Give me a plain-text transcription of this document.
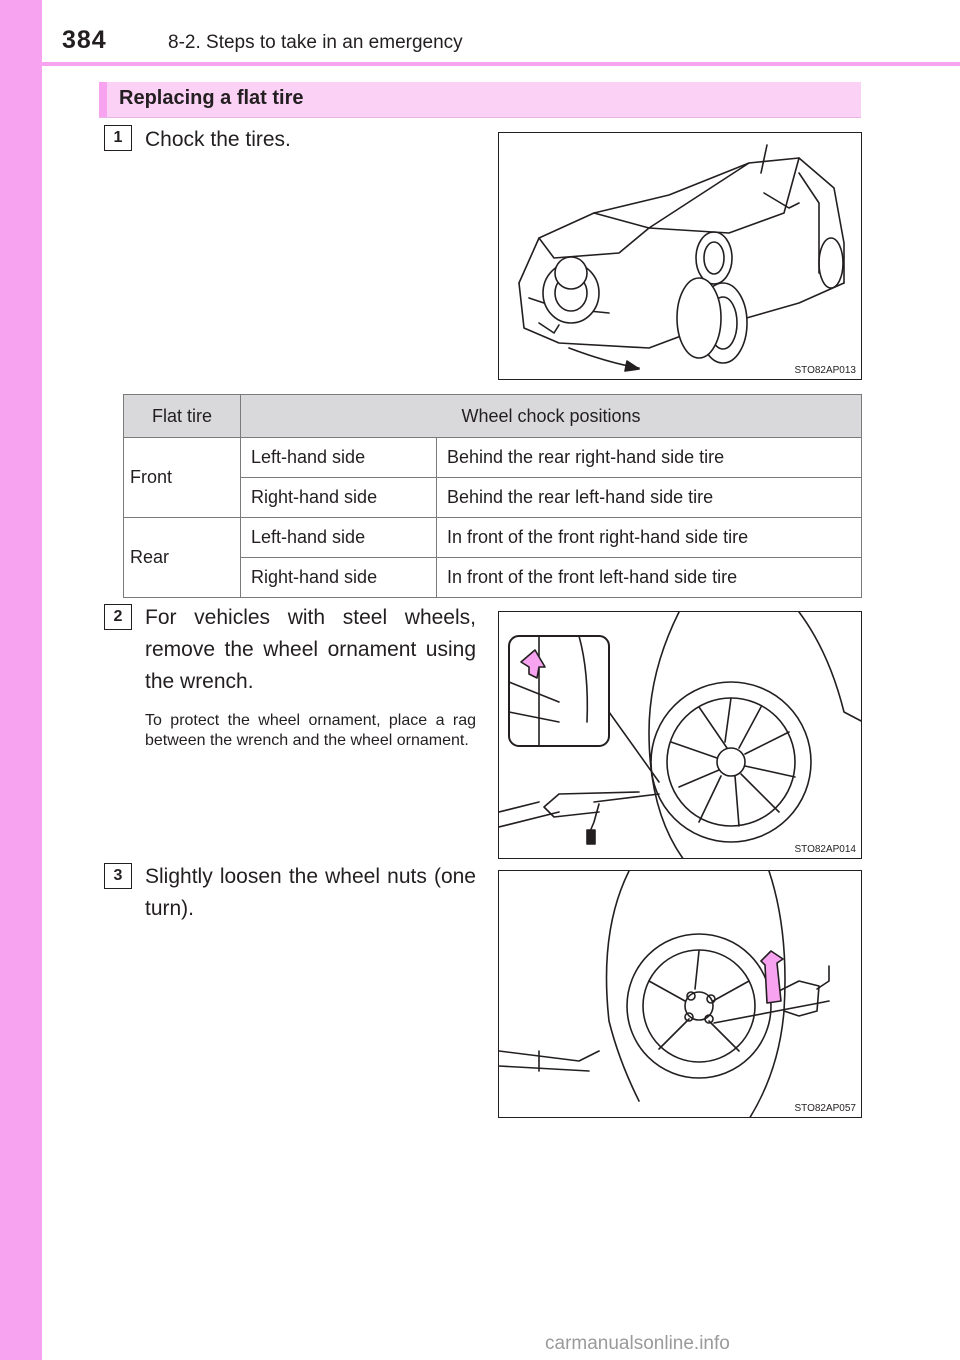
384	8-2. Steps to take in an emergency
Replacing a flat tire
1	Chock the tires.
STO82AP013
Flat tire	Wheel chock positions	
Front	Left-hand side	Behind the rear right-hand side tire
	Right-hand side	Behind the rear left-hand side tire
Rear	Left-hand side	In front of the front right-hand side tire
	Right-hand side	In front of the front left-hand side tire
2	For vehicles with steel wheels, remove the wheel ornament using the wrench.
To protect the wheel ornament, place a rag between the wrench and the wheel ornament.
STO82AP014
3	Slightly loosen the wheel nuts (one turn).
STO82AP057
carmanualsonline.info
